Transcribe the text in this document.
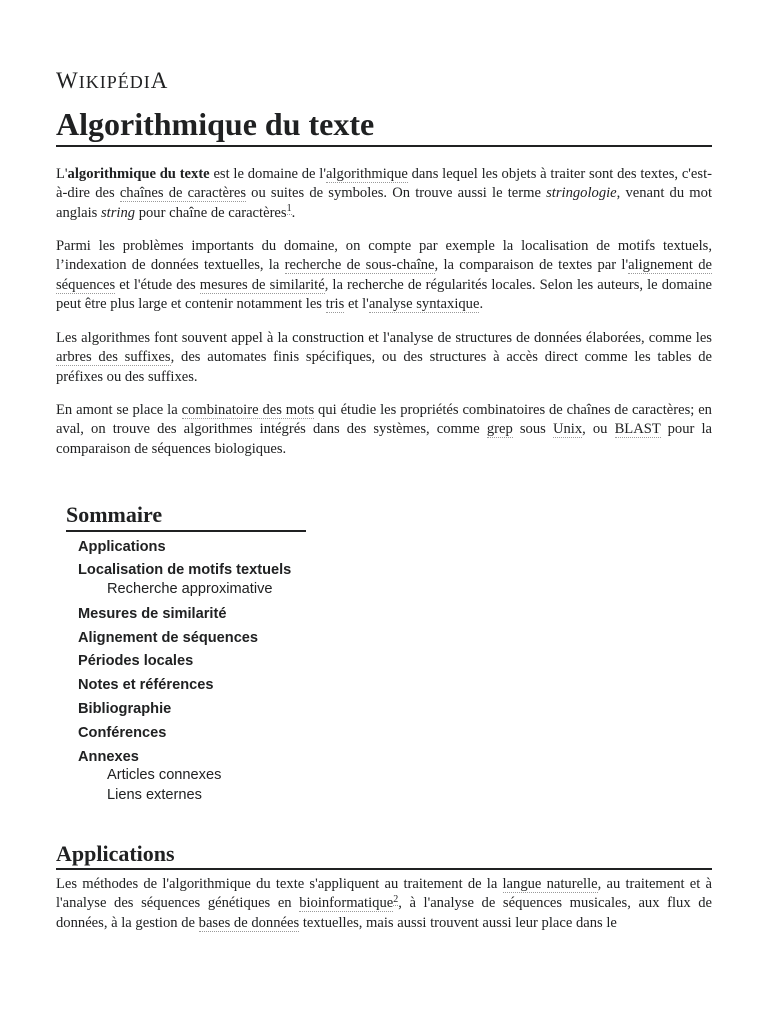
WIKIPÉDIA
Algorithmique du texte

L'algorithmique du texte est le domaine de l'algorithmique dans lequel les objets à traiter sont des textes, c'est-à-dire des chaînes de caractères ou suites de symboles. On trouve aussi le terme stringologie, venant du mot anglais string pour chaîne de caractères$^1$.

Parmi les problèmes importants du domaine, on compte par exemple la localisation de motifs textuels, l’indexation de données textuelles, la recherche de sous-chaîne, la comparaison de textes par l'alignement de séquences et l'étude des mesures de similarité, la recherche de régularités locales. Selon les auteurs, le domaine peut être plus large et contenir notamment les tris et l'analyse syntaxique.

Les algorithmes font souvent appel à la construction et l'analyse de structures de données élaborées, comme les arbres des suffixes, des automates finis spécifiques, ou des structures à accès direct comme les tables de préfixes ou des suffixes.

En amont se place la combinatoire des mots qui étudie les propriétés combinatoires de chaînes de caractères; en aval, on trouve des algorithmes intégrés dans des systèmes, comme grep sous Unix, ou BLAST pour la comparaison de séquences biologiques.

Sommaire
Applications
Localisation de motifs textuels
Recherche approximative
Mesures de similarité
Alignement de séquences
Périodes locales
Notes et références
Bibliographie
Conférences
Annexes
Articles connexes
Liens externes
Applications

Les méthodes de l'algorithmique du texte s'appliquent au traitement de la langue naturelle, au traitement et à l'analyse des séquences génétiques en bioinformatique$^2$, à l'analyse de séquences musicales, aux flux de données, à la gestion de bases de données textuelles, mais aussi trouvent aussi leur place dans le
